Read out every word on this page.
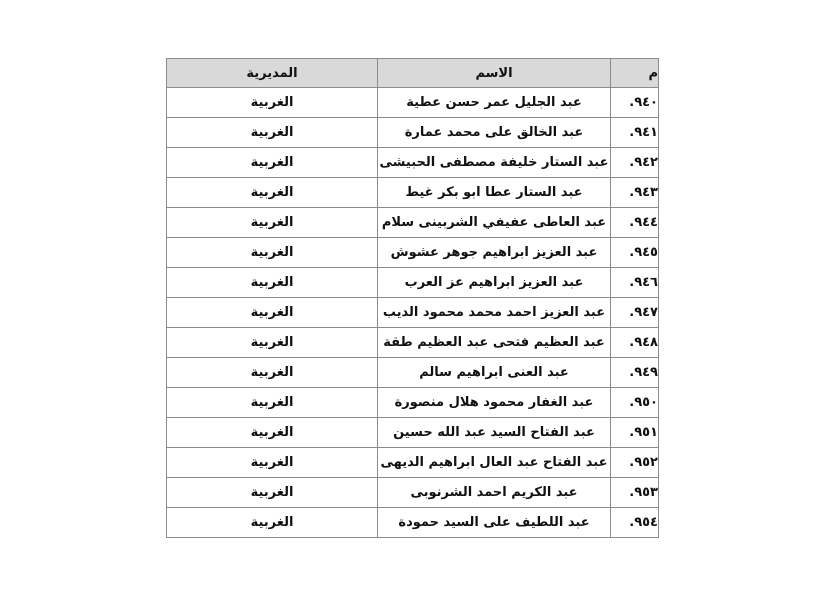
م	الاسم	المديرية
٩٤٠.	عبد الجليل عمر حسن عطية	الغربية
٩٤١.	عبد الخالق على محمد عمارة	الغربية
٩٤٢.	عبد الستار خليفة مصطفى الحبيشى	الغربية
٩٤٣.	عبد الستار عطا ابو بكر غيط	الغربية
٩٤٤.	عبد العاطى عفيفي الشربينى سلام	الغربية
٩٤٥.	عبد العزيز ابراهيم جوهر عشوش	الغربية
٩٤٦.	عبد العزيز ابراهيم عز العرب	الغربية
٩٤٧.	عبد العزيز احمد محمد محمود الديب	الغربية
٩٤٨.	عبد العظيم فتحى عبد العظيم طقة	الغربية
٩٤٩.	عبد العنى ابراهيم سالم	الغربية
٩٥٠.	عبد الغفار محمود هلال منصورة	الغربية
٩٥١.	عبد الفتاح السيد عبد الله حسين	الغربية
٩٥٢.	عبد الفتاح عبد العال ابراهيم الديهى	الغربية
٩٥٣.	عبد الكريم احمد الشرنوبى	الغربية
٩٥٤.	عبد اللطيف على السيد حمودة	الغربية
